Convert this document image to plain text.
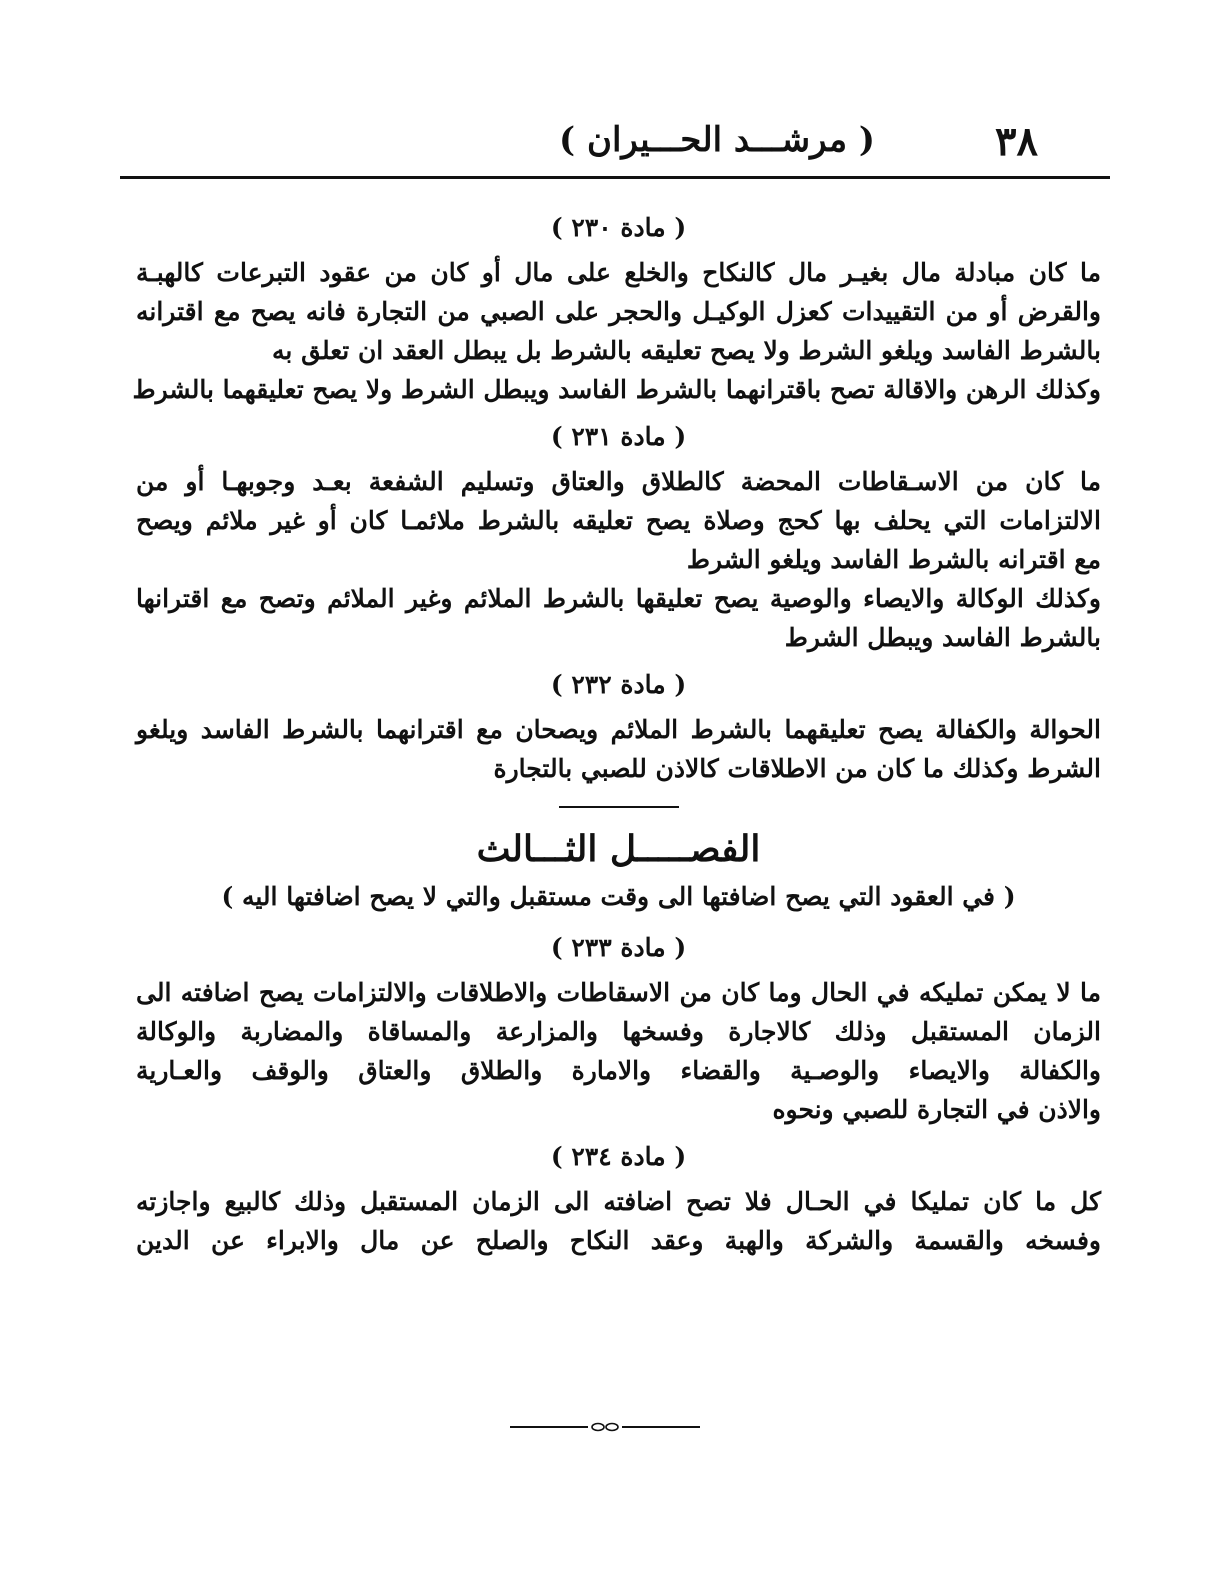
٣٨
( مرشـــد الحـــيران )
( مادة ٢٣٠ )
ما كان مبادلة مال بغيـر مال كالنكاح والخلع على مال أو كان من عقود التبرعات كالهبـة
والقرض أو من التقييدات كعزل الوكيـل والحجر على الصبي من التجارة فانه يصح مع اقترانه
بالشرط الفاسد ويلغو الشرط ولا يصح تعليقه بالشرط بل يبطل العقد ان تعلق به
وكذلك الرهن والاقالة تصح باقترانهما بالشرط الفاسد ويبطل الشرط ولا يصح تعليقهما بالشرط
( مادة ٢٣١ )
ما كان من الاسـقاطات المحضة كالطلاق والعتاق وتسليم الشفعة بعـد وجوبهـا أو من
الالتزامات التي يحلف بها كحج وصلاة يصح تعليقه بالشرط ملائمـا كان أو غير ملائم ويصح
مع اقترانه بالشرط الفاسد ويلغو الشرط
وكذلك الوكالة والايصاء والوصية يصح تعليقها بالشرط الملائم وغير الملائم وتصح مع اقترانها
بالشرط الفاسد ويبطل الشرط
( مادة ٢٣٢ )
الحوالة والكفالة يصح تعليقهما بالشرط الملائم ويصحان مع اقترانهما بالشرط الفاسد ويلغو
الشرط وكذلك ما كان من الاطلاقات كالاذن للصبي بالتجارة
الفصـــــل الثـــالث
( في العقود التي يصح اضافتها الى وقت مستقبل والتي لا يصح اضافتها اليه )
( مادة ٢٣٣ )
ما لا يمكن تمليكه في الحال وما كان من الاسقاطات والاطلاقات والالتزامات يصح اضافته الى
الزمان المستقبل وذلك كالاجارة وفسخها والمزارعة والمساقاة والمضاربة والوكالة
والكفالة والايصاء والوصـية والقضاء والامارة والطلاق والعتاق والوقف والعـارية
والاذن في التجارة للصبي ونحوه
( مادة ٢٣٤ )
كل ما كان تمليكا في الحـال فلا تصح اضافته الى الزمان المستقبل وذلك كالبيع واجازته
وفسخه والقسمة والشركة والهبة وعقد النكاح والصلح عن مال والابراء عن الدين
